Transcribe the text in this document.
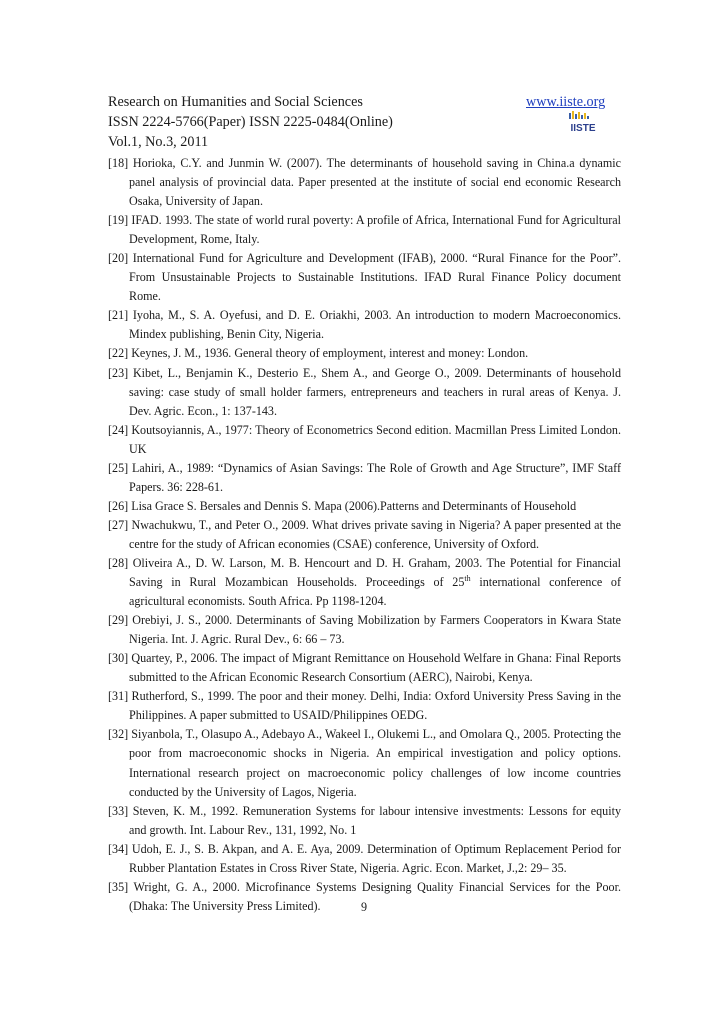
Research on Humanities and Social Sciences
ISSN 2224-5766(Paper) ISSN 2225-0484(Online)
Vol.1, No.3, 2011
www.iiste.org
IISTE
[18] Horioka, C.Y. and Junmin W. (2007). The determinants of household saving in China.a dynamic panel analysis of provincial data. Paper presented at the institute of social end economic Research Osaka, University of Japan.
[19] IFAD. 1993. The state of world rural poverty: A profile of Africa, International Fund for Agricultural Development, Rome, Italy.
[20] International Fund for Agriculture and Development (IFAB), 2000. “Rural Finance for the Poor”. From Unsustainable Projects to Sustainable Institutions. IFAD Rural Finance Policy document Rome.
[21] Iyoha, M., S. A. Oyefusi, and D. E. Oriakhi, 2003. An introduction to modern Macroeconomics. Mindex publishing, Benin City, Nigeria.
[22] Keynes, J. M., 1936. General theory of employment, interest and money: London.
[23] Kibet, L., Benjamin K., Desterio E., Shem A., and George O., 2009. Determinants of household saving: case study of small holder farmers, entrepreneurs and teachers in rural areas of Kenya. J. Dev. Agric. Econ., 1: 137-143.
[24] Koutsoyiannis, A., 1977: Theory of Econometrics Second edition. Macmillan Press Limited London. UK
[25] Lahiri, A., 1989: “Dynamics of Asian Savings: The Role of Growth and Age Structure”, IMF Staff Papers. 36: 228-61.
[26] Lisa Grace S. Bersales and Dennis S. Mapa (2006).Patterns and Determinants of Household
[27] Nwachukwu, T., and Peter O., 2009. What drives private saving in Nigeria? A paper presented at the centre for the study of African economies (CSAE) conference, University of Oxford.
[28] Oliveira A., D. W. Larson, M. B. Hencourt and D. H. Graham, 2003. The Potential for Financial Saving in Rural Mozambican Households. Proceedings of 25th international conference of agricultural economists. South Africa. Pp 1198-1204.
[29] Orebiyi, J. S., 2000. Determinants of Saving Mobilization by Farmers Cooperators in Kwara State Nigeria. Int. J. Agric. Rural Dev., 6: 66 – 73.
[30] Quartey, P., 2006. The impact of Migrant Remittance on Household Welfare in Ghana: Final Reports submitted to the African Economic Research Consortium (AERC), Nairobi, Kenya.
[31] Rutherford, S., 1999. The poor and their money. Delhi, India: Oxford University Press Saving in the Philippines. A paper submitted to USAID/Philippines OEDG.
[32] Siyanbola, T., Olasupo A., Adebayo A., Wakeel I., Olukemi L., and Omolara Q., 2005. Protecting the poor from macroeconomic shocks in Nigeria. An empirical investigation and policy options. International research project on macroeconomic policy challenges of low income countries conducted by the University of Lagos, Nigeria.
[33] Steven, K. M., 1992. Remuneration Systems for labour intensive investments: Lessons for equity and growth. Int. Labour Rev., 131, 1992, No. 1
[34] Udoh, E. J., S. B. Akpan, and A. E. Aya, 2009. Determination of Optimum Replacement Period for Rubber Plantation Estates in Cross River State, Nigeria. Agric. Econ. Market, J.,2: 29– 35.
[35] Wright, G. A., 2000. Microfinance Systems Designing Quality Financial Services for the Poor. (Dhaka: The University Press Limited).	9
